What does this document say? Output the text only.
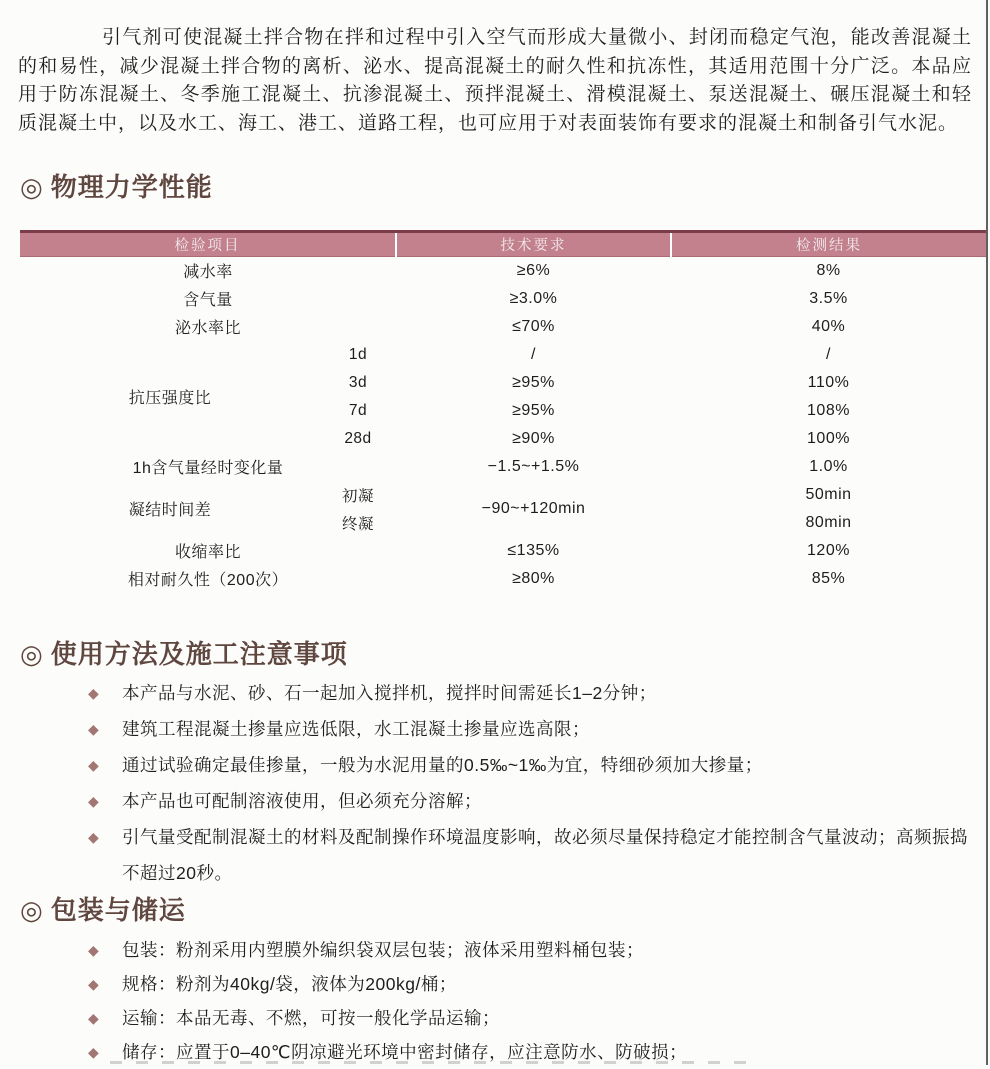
引气剂可使混凝土拌合物在拌和过程中引入空气而形成大量微小、封闭而稳定气泡，能改善混凝土的和易性，减少混凝土拌合物的离析、泌水、提高混凝土的耐久性和抗冻性，其适用范围十分广泛。本品应用于防冻混凝土、冬季施工混凝土、抗渗混凝土、预拌混凝土、滑模混凝土、泵送混凝土、碾压混凝土和轻质混凝土中，以及水工、海工、港工、道路工程，也可应用于对表面装饰有要求的混凝土和制备引气水泥。

◎ 物理力学性能
检验项目		技术要求	检测结果
减水率		≥6%	8%
含气量		≥3.0%	3.5%
泌水率比		≤70%	40%
抗压强度比	1d	/	/
	3d	≥95%	110%
	7d	≥95%	108%
	28d	≥90%	100%
1h含气量经时变化量		−1.5~+1.5%	1.0%
凝结时间差	初凝	−90~+120min	50min
	终凝		80min
收缩率比		≤135%	120%
相对耐久性（200次）		≥80%	85%
◎ 使用方法及施工注意事项
◆ 本产品与水泥、砂、石一起加入搅拌机，搅拌时间需延长1–2分钟；
◆ 建筑工程混凝土掺量应选低限，水工混凝土掺量应选高限；
◆ 通过试验确定最佳掺量，一般为水泥用量的0.5‰~1‰为宜，特细砂须加大掺量；
◆ 本产品也可配制溶液使用，但必须充分溶解；
◆ 引气量受配制混凝土的材料及配制操作环境温度影响，故必须尽量保持稳定才能控制含气量波动；高频振捣不超过20秒。
◎ 包装与储运
◆ 包装：粉剂采用内塑膜外编织袋双层包装；液体采用塑料桶包装；
◆ 规格：粉剂为40kg/袋，液体为200kg/桶；
◆ 运输：本品无毒、不燃，可按一般化学品运输；
◆ 储存：应置于0–40℃阴凉避光环境中密封储存，应注意防水、防破损；
